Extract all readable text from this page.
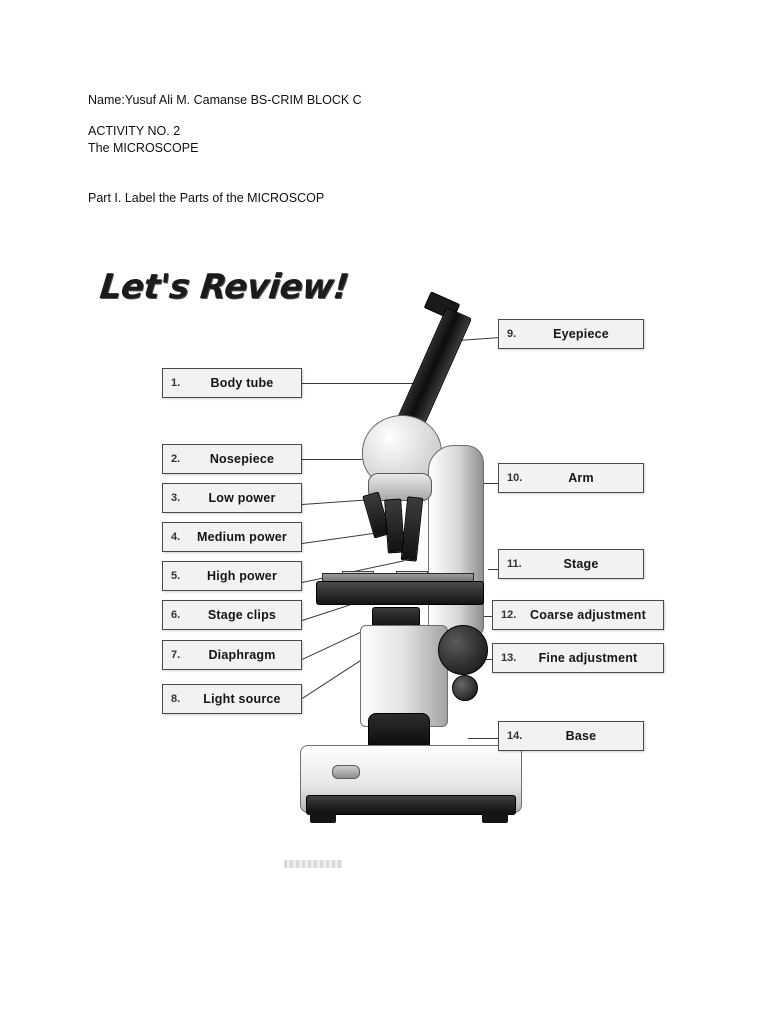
Name:Yusuf Ali M. Camanse BS-CRIM BLOCK C
ACTIVITY NO. 2
The MICROSCOPE
Part I. Label the Parts of the MICROSCOP
Let's Review!
1.	Body tube
2.	Nosepiece
3.	Low power
4.	Medium power
5.	High power
6.	Stage clips
7.	Diaphragm
8.	Light source
9.	Eyepiece
10.	Arm
11.	Stage
12.	Coarse adjustment
13.	Fine adjustment
14.	Base
